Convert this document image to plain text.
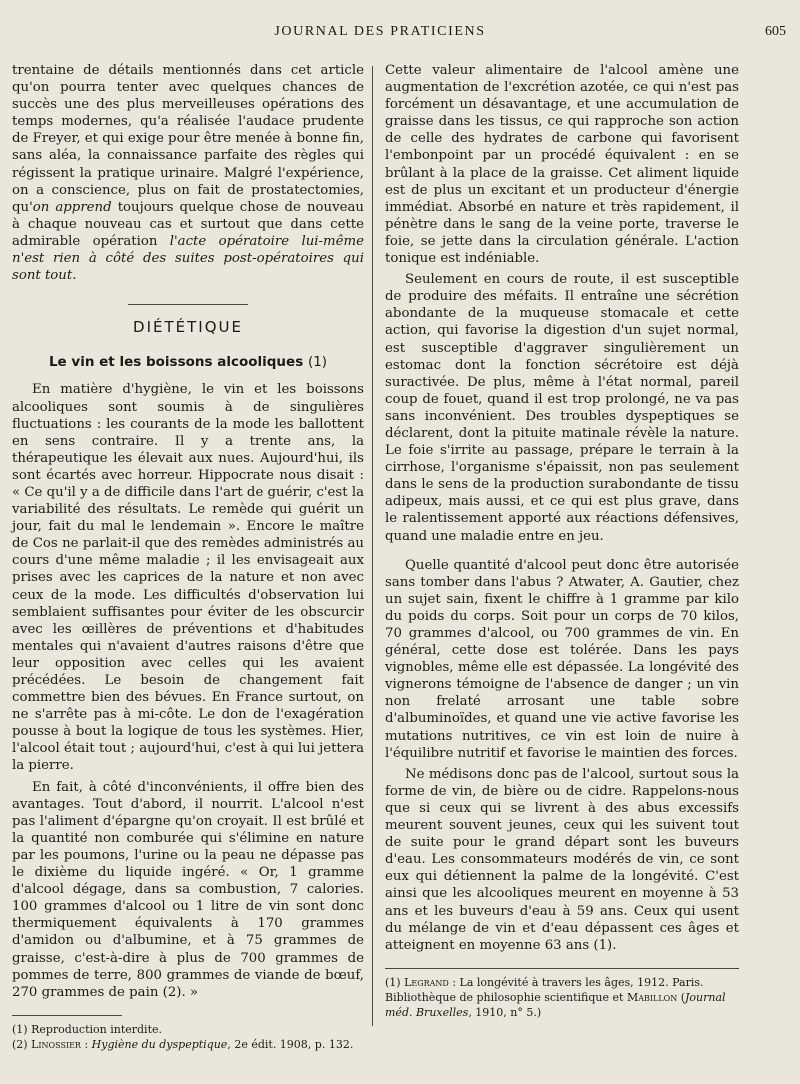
JOURNAL DES PRATICIENS	605

trentaine de détails mentionnés dans cet article qu'on pourra tenter avec quelques chances de succès une des plus merveilleuses opérations des temps modernes, qu'a réalisée l'audace prudente de Freyer, et qui exige pour être menée à bonne fin, sans aléa, la connaissance parfaite des règles qui régissent la pratique urinaire. Malgré l'expérience, on a conscience, plus on fait de prostatectomies, qu'on apprend toujours quelque chose de nouveau à chaque nouveau cas et surtout que dans cette admirable opération l'acte opératoire lui-même n'est rien à côté des suites post-opératoires qui sont tout.

DIÉTÉTIQUE
Le vin et les boissons alcooliques (1)

En matière d'hygiène, le vin et les boissons alcooliques sont soumis à de singulières fluctuations : les courants de la mode les ballottent en sens contraire. Il y a trente ans, la thérapeutique les élevait aux nues. Aujourd'hui, ils sont écartés avec horreur. Hippocrate nous disait : « Ce qu'il y a de difficile dans l'art de guérir, c'est la variabilité des résultats. Le remède qui guérit un jour, fait du mal le lendemain ». Encore le maître de Cos ne parlait-il que des remèdes administrés au cours d'une même maladie ; il les envisageait aux prises avec les caprices de la nature et non avec ceux de la mode. Les difficultés d'observation lui semblaient suffisantes pour éviter de les obscurcir avec les œillères de préventions et d'habitudes mentales qui n'avaient d'autres raisons d'être que leur opposition avec celles qui les avaient précédées. Le besoin de changement fait commettre bien des bévues. En France surtout, on ne s'arrête pas à mi-côte. Le don de l'exagération pousse à bout la logique de tous les systèmes. Hier, l'alcool était tout ; aujourd'hui, c'est à qui lui jettera la pierre.

En fait, à côté d'inconvénients, il offre bien des avantages. Tout d'abord, il nourrit. L'alcool n'est pas l'aliment d'épargne qu'on croyait. Il est brûlé et la quantité non comburée qui s'élimine en nature par les poumons, l'urine ou la peau ne dépasse pas le dixième du liquide ingéré. « Or, 1 gramme d'alcool dégage, dans sa combustion, 7 calories. 100 grammes d'alcool ou 1 litre de vin sont donc thermiquement équivalents à 170 grammes d'amidon ou d'albumine, et à 75 grammes de graisse, c'est-à-dire à plus de 700 grammes de pommes de terre, 800 grammes de viande de bœuf, 270 grammes de pain (2). »

(1) Reproduction interdite.
(2) Linossier : Hygiène du dyspeptique, 2e édit. 1908, p. 132.

Cette valeur alimentaire de l'alcool amène une augmentation de l'excrétion azotée, ce qui n'est pas forcément un désavantage, et une accumulation de graisse dans les tissus, ce qui rapproche son action de celle des hydrates de carbone qui favorisent l'embonpoint par un procédé équivalent : en se brûlant à la place de la graisse. Cet aliment liquide est de plus un excitant et un producteur d'énergie immédiat. Absorbé en nature et très rapidement, il pénètre dans le sang de la veine porte, traverse le foie, se jette dans la circulation générale. L'action tonique est indéniable.

Seulement en cours de route, il est susceptible de produire des méfaits. Il entraîne une sécrétion abondante de la muqueuse stomacale et cette action, qui favorise la digestion d'un sujet normal, est susceptible d'aggraver singulièrement un estomac dont la fonction sécrétoire est déjà suractivée. De plus, même à l'état normal, pareil coup de fouet, quand il est trop prolongé, ne va pas sans inconvénient. Des troubles dyspeptiques se déclarent, dont la pituite matinale révèle la nature. Le foie s'irrite au passage, prépare le terrain à la cirrhose, l'organisme s'épaissit, non pas seulement dans le sens de la production surabondante de tissu adipeux, mais aussi, et ce qui est plus grave, dans le ralentissement apporté aux réactions défensives, quand une maladie entre en jeu.

Quelle quantité d'alcool peut donc être autorisée sans tomber dans l'abus ? Atwater, A. Gautier, chez un sujet sain, fixent le chiffre à 1 gramme par kilo du poids du corps. Soit pour un corps de 70 kilos, 70 grammes d'alcool, ou 700 grammes de vin. En général, cette dose est tolérée. Dans les pays vignobles, même elle est dépassée. La longévité des vignerons témoigne de l'absence de danger ; un vin non frelaté arrosant une table sobre d'albuminoïdes, et quand une vie active favorise les mutations nutritives, ce vin est loin de nuire à l'équilibre nutritif et favorise le maintien des forces.

Ne médisons donc pas de l'alcool, surtout sous la forme de vin, de bière ou de cidre. Rappelons-nous que si ceux qui se livrent à des abus excessifs meurent souvent jeunes, ceux qui les suivent tout de suite pour le grand départ sont les buveurs d'eau. Les consommateurs modérés de vin, ce sont eux qui détiennent la palme de la longévité. C'est ainsi que les alcooliques meurent en moyenne à 53 ans et les buveurs d'eau à 59 ans. Ceux qui usent du mélange de vin et d'eau dépassent ces âges et atteignent en moyenne 63 ans (1).

(1) Legrand : La longévité à travers les âges, 1912. Paris. Bibliothèque de philosophie scientifique et Mabillon (Journal méd. Bruxelles, 1910, n° 5.)
